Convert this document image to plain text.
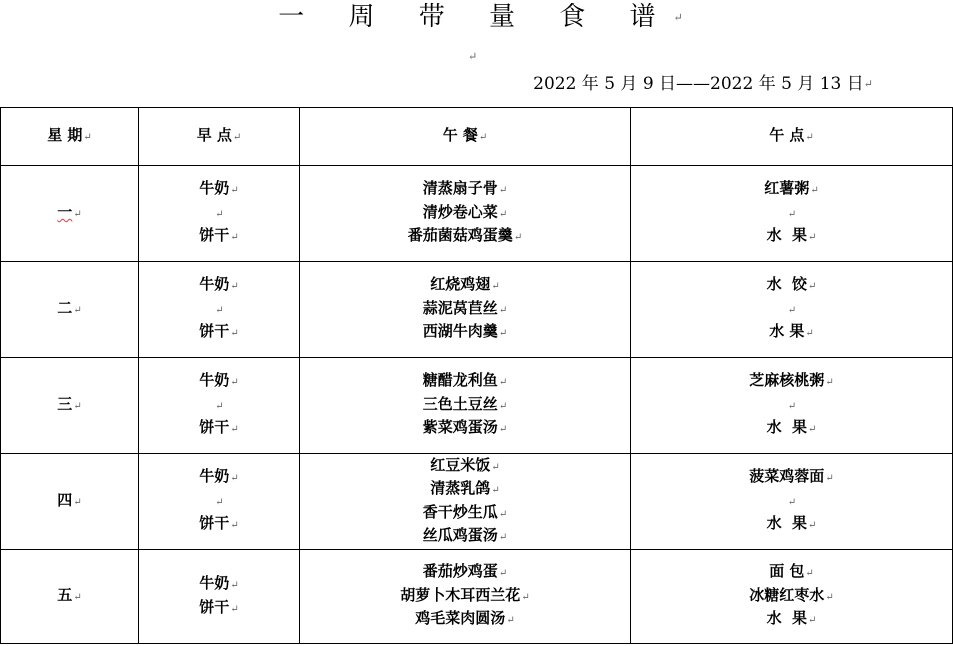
一 周 带 量 食 谱↵
↵
2022 年 5 月 9 日——2022 年 5 月 13 日↵
星 期↵	早 点↵	午 餐↵	午 点↵
一↵	牛奶↵
↵
饼干↵	清蒸扇子骨↵
清炒卷心菜↵
番茄菌菇鸡蛋羹↵	红薯粥↵
↵
水  果↵

二↵	牛奶↵
↵
饼干↵	红烧鸡翅↵
蒜泥莴苣丝↵
西湖牛肉羹↵	水  饺↵
↵
水 果↵

三↵	牛奶↵
↵
饼干↵	糖醋龙利鱼↵
三色土豆丝↵
紫菜鸡蛋汤↵	芝麻核桃粥↵
↵
水  果↵

四↵	牛奶↵
↵
饼干↵	红豆米饭↵
清蒸乳鸽↵
香干炒生瓜↵
丝瓜鸡蛋汤↵	菠菜鸡蓉面↵
↵
水  果↵

五↵	牛奶↵
饼干↵	番茄炒鸡蛋↵
胡萝卜木耳西兰花↵
鸡毛菜肉圆汤↵	面 包↵
冰糖红枣水↵
水  果↵
